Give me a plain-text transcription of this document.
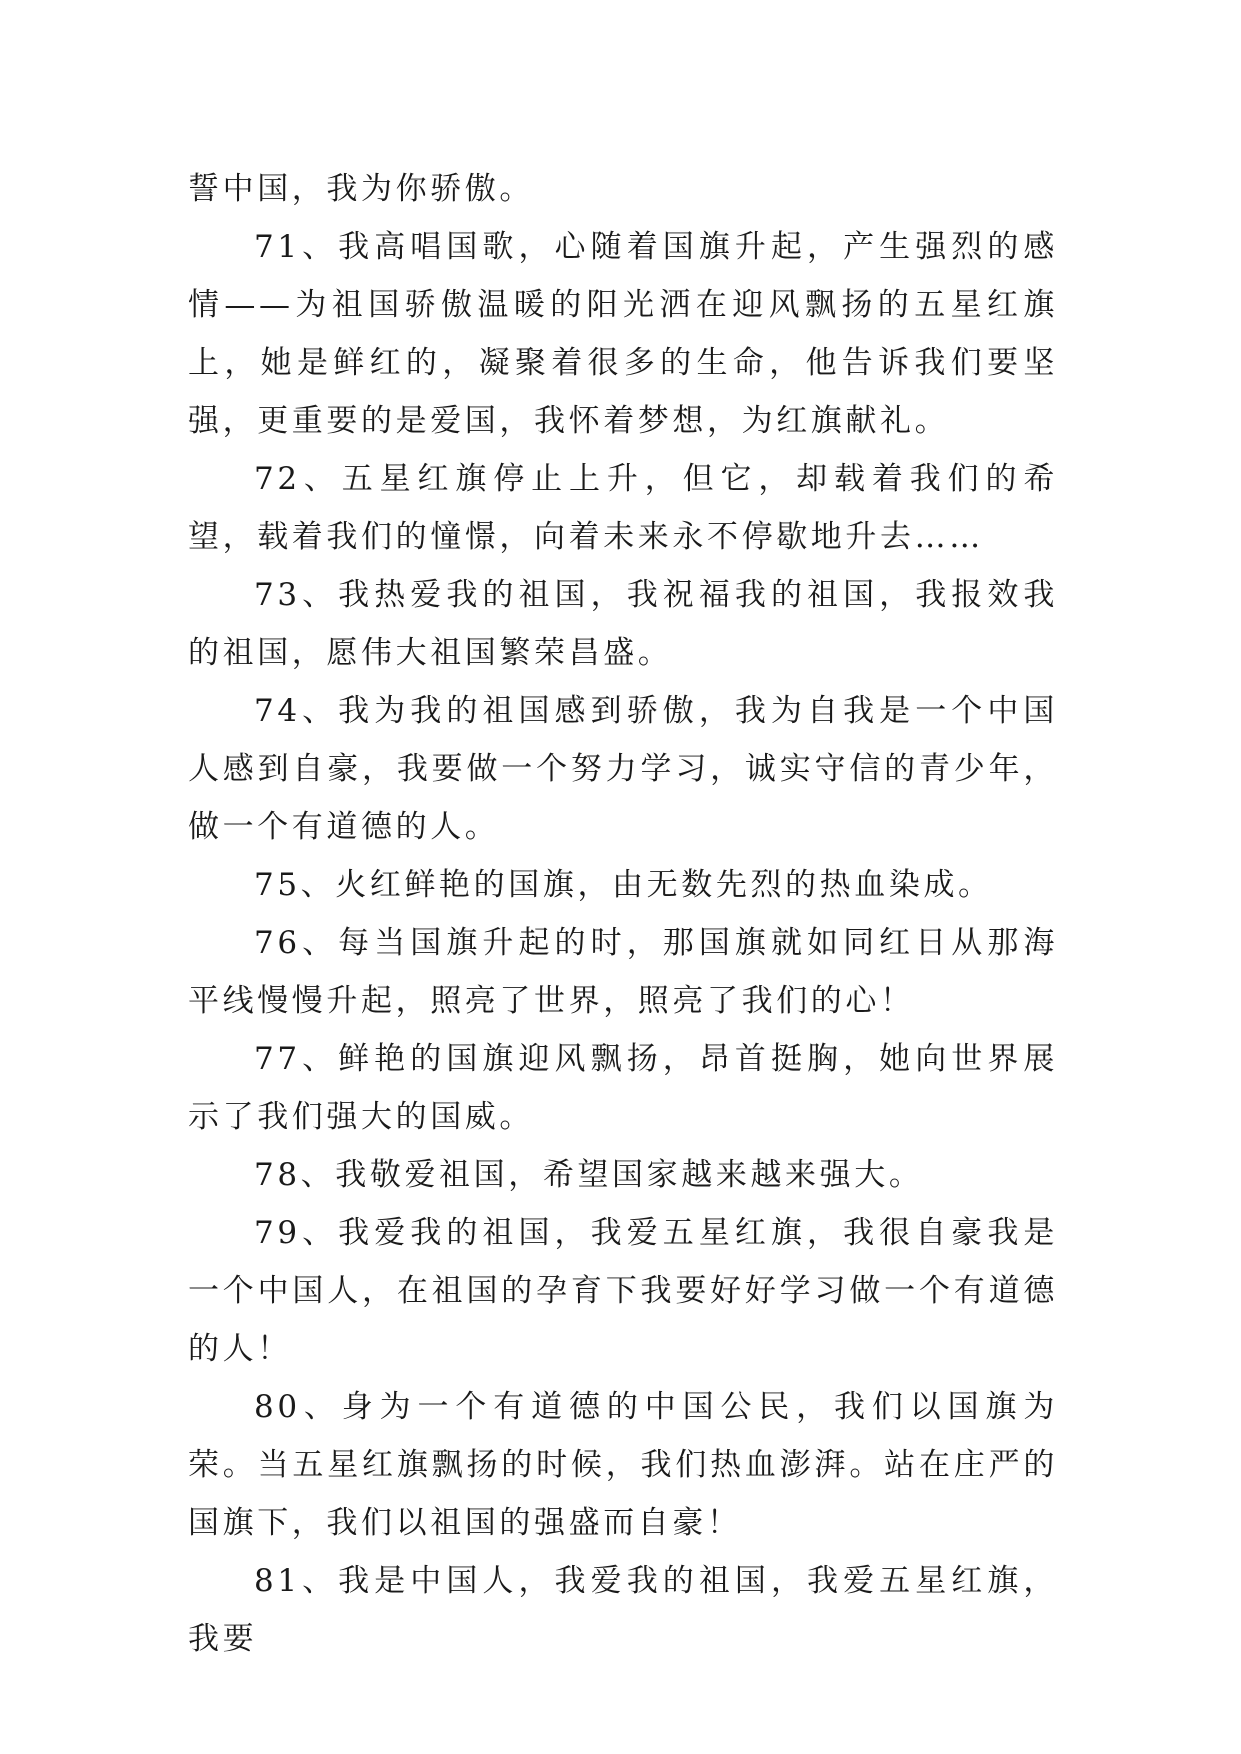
誓中国，我为你骄傲。

71、我高唱国歌，心随着国旗升起，产生强烈的感情——为祖国骄傲温暖的阳光洒在迎风飘扬的五星红旗上，她是鲜红的，凝聚着很多的生命，他告诉我们要坚强，更重要的是爱国，我怀着梦想，为红旗献礼。

72、五星红旗停止上升，但它，却载着我们的希望，载着我们的憧憬，向着未来永不停歇地升去……

73、我热爱我的祖国，我祝福我的祖国，我报效我的祖国，愿伟大祖国繁荣昌盛。

74、我为我的祖国感到骄傲，我为自我是一个中国人感到自豪，我要做一个努力学习，诚实守信的青少年，做一个有道德的人。

75、火红鲜艳的国旗，由无数先烈的热血染成。

76、每当国旗升起的时，那国旗就如同红日从那海平线慢慢升起，照亮了世界，照亮了我们的心！

77、鲜艳的国旗迎风飘扬，昂首挺胸，她向世界展示了我们强大的国威。

78、我敬爱祖国，希望国家越来越来强大。

79、我爱我的祖国，我爱五星红旗，我很自豪我是一个中国人，在祖国的孕育下我要好好学习做一个有道德的人！

80、身为一个有道德的中国公民，我们以国旗为荣。当五星红旗飘扬的时候，我们热血澎湃。站在庄严的国旗下，我们以祖国的强盛而自豪！

81、我是中国人，我爱我的祖国，我爱五星红旗，我要
